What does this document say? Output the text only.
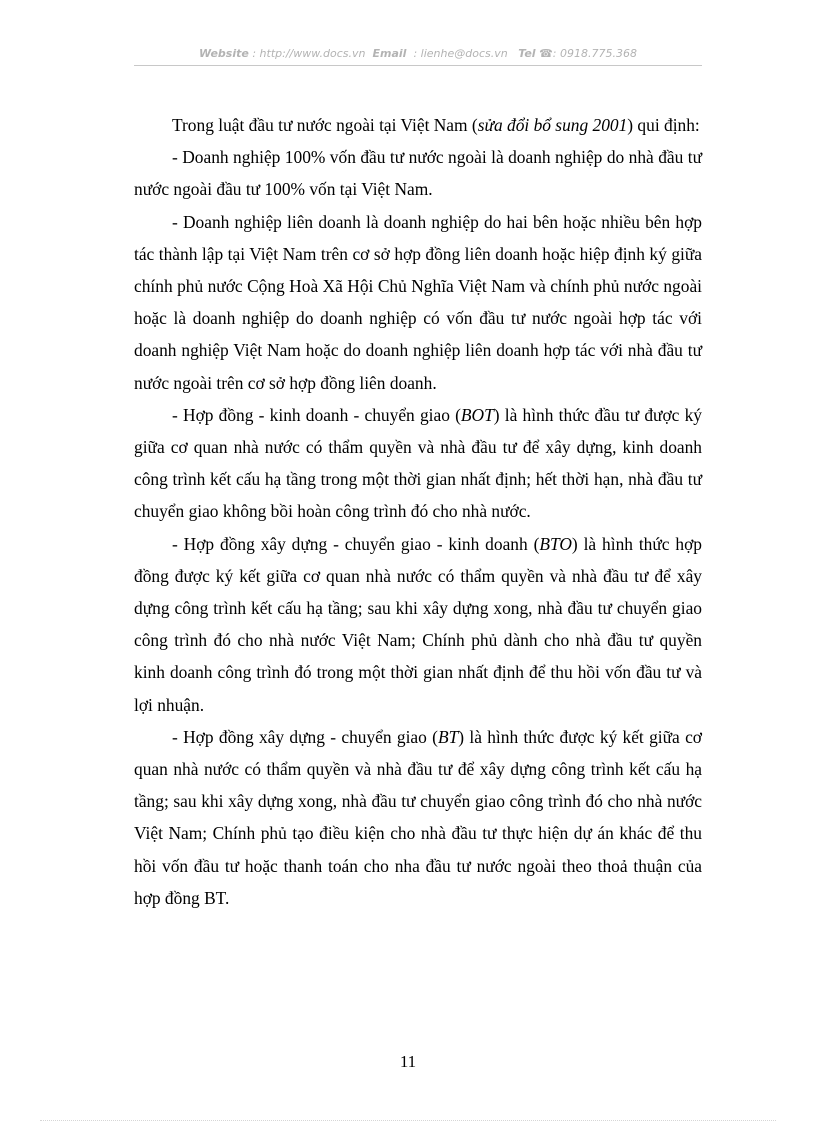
Website : http://www.docs.vn Email : lienhe@docs.vn Tel ☎: 0918.775.368

Trong luật đầu tư nước ngoài tại Việt Nam (sửa đổi bổ sung 2001) qui định:

- Doanh nghiệp 100% vốn đầu tư nước ngoài là doanh nghiệp do nhà đầu tư nước ngoài đầu tư 100% vốn tại Việt Nam.

- Doanh nghiệp liên doanh là doanh nghiệp do hai bên hoặc nhiều bên hợp tác thành lập tại Việt Nam trên cơ sở hợp đồng liên doanh hoặc hiệp định ký giữa chính phủ nước Cộng Hoà Xã Hội Chủ Nghĩa Việt Nam và chính phủ nước ngoài hoặc là doanh nghiệp do doanh nghiệp có vốn đầu tư nước ngoài hợp tác với doanh nghiệp Việt Nam hoặc do doanh nghiệp liên doanh hợp tác với nhà đầu tư nước ngoài trên cơ sở hợp đồng liên doanh.

- Hợp đồng - kinh doanh - chuyển giao (BOT) là hình thức đầu tư được ký giữa cơ quan nhà nước có thẩm quyền và nhà đầu tư để xây dựng, kinh doanh công trình kết cấu hạ tầng trong một thời gian nhất định; hết thời hạn, nhà đầu tư chuyển giao không bồi hoàn công trình đó cho nhà nước.

- Hợp đồng xây dựng - chuyển giao - kinh doanh (BTO) là hình thức hợp đồng được ký kết giữa cơ quan nhà nước có thẩm quyền và nhà đầu tư để xây dựng công trình kết cấu hạ tầng; sau khi xây dựng xong, nhà đầu tư chuyển giao công trình đó cho nhà nước Việt Nam; Chính phủ dành cho nhà đầu tư quyền kinh doanh công trình đó trong một thời gian nhất định để thu hồi vốn đầu tư và lợi nhuận.

- Hợp đồng xây dựng - chuyển giao (BT) là hình thức được ký kết giữa cơ quan nhà nước có thẩm quyền và nhà đầu tư để xây dựng công trình kết cấu hạ tầng; sau khi xây dựng xong, nhà đầu tư chuyển giao công trình đó cho nhà nước Việt Nam; Chính phủ tạo điều kiện cho nhà đầu tư thực hiện dự án khác để thu hồi vốn đầu tư hoặc thanh toán cho nha đầu tư nước ngoài theo thoả thuận của hợp đồng BT.

11
